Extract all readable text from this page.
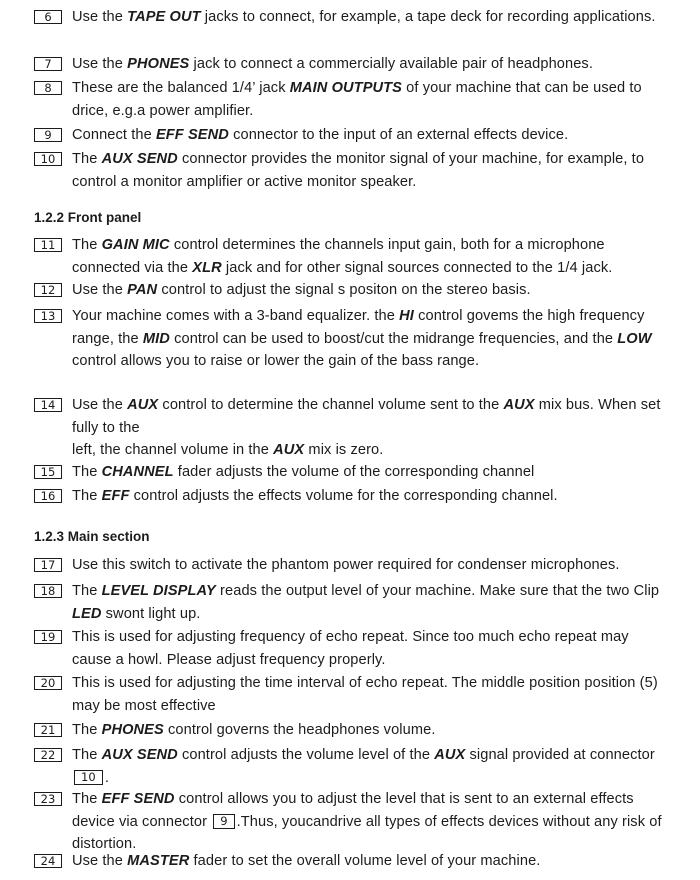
6	Use the TAPE OUT jacks to connect, for example, a tape deck for recording applications.
7	Use the PHONES jack to connect a commercially available pair of headphones.
8	These are the balanced 1/4’ jack MAIN OUTPUTS of your machine that can be used to drice, e.g.a power amplifier.
9	Connect the EFF SEND connector to the input of an external effects device.
10	The AUX SEND connector provides the monitor signal of your machine, for example, to control a monitor amplifier or active monitor speaker.
1.2.2 Front panel
11	The GAIN MIC control determines the channels input gain, both for a microphone connected via the XLR jack and for other signal sources connected to the 1/4 jack.
12	Use the PAN control to adjust the signal s positon on the stereo basis.
13	Your machine comes with a 3-band equalizer. the HI control govems the high frequency range, the MID control can be used to boost/cut the midrange frequencies, and the LOW control allows you to raise or lower the gain of the bass range.
14	Use the AUX control to determine the channel volume sent to the AUX mix bus. When set fully to the
left, the channel volume in the AUX mix is zero.
15	The CHANNEL fader adjusts the volume of the corresponding channel
16	The EFF control adjusts the effects volume for the corresponding channel.
1.2.3 Main section
17	Use this switch to activate the phantom power required for condenser microphones.
18	The LEVEL DISPLAY reads the output level of your machine. Make sure that the two Clip LED swont light up.
19	This is used for adjusting frequency of echo repeat. Since too much echo repeat may cause a howl. Please adjust frequency properly.
20	This is used for adjusting the time interval of echo repeat. The middle position position (5) may be most effective
21	The PHONES control governs the headphones volume.
22	The AUX SEND control adjusts the volume level of the AUX signal provided at connector 10 .
23	The EFF SEND control allows you to adjust the level that is sent to an external effects device via connector 9 .Thus, youcandrive all types of effects devices without any risk of distortion.
24	Use the MASTER fader to set the overall volume level of your machine.
